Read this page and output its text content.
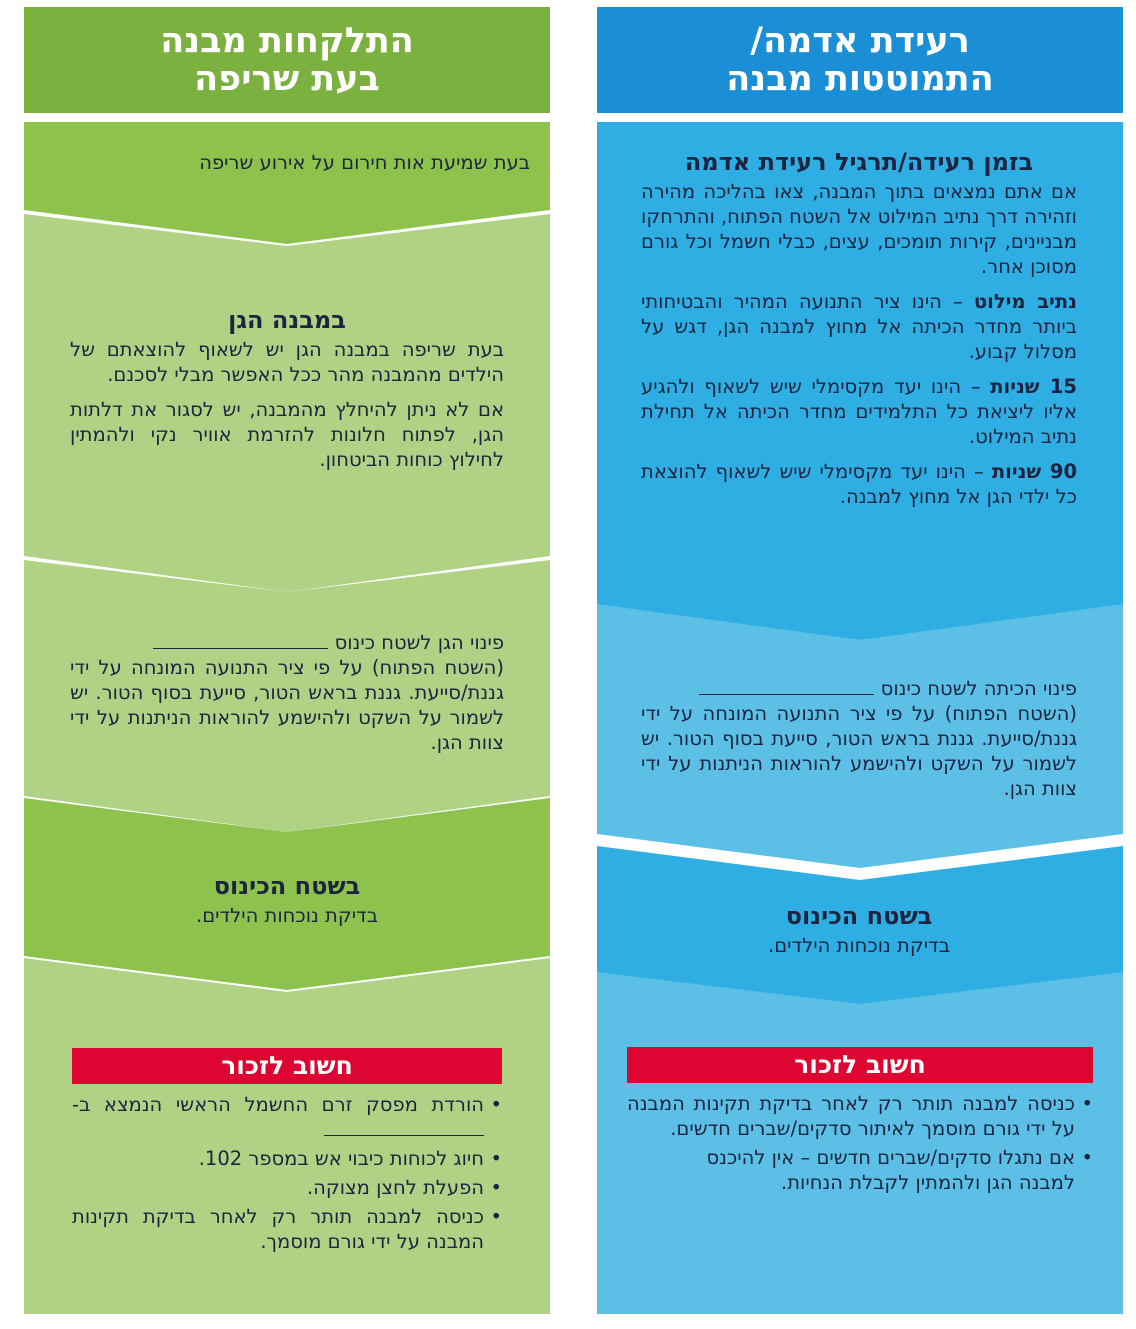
התלקחות מבנה
בעת שריפה
בעת שמיעת אות חירום על אירוע שריפה
במבנה הגן

בעת שריפה במבנה הגן יש לשאוף להוצאתם של הילדים מהמבנה מהר ככל האפשר מבלי לסכנם.

אם לא ניתן להיחלץ מהמבנה, יש לסגור את דלתות הגן, לפתוח חלונות להזרמת אוויר נקי ולהמתין לחילוץ כוחות הביטחון.

פינוי הגן לשטח כינוס
(השטח הפתוח) על פי ציר התנועה המונחה על ידי גננת/סייעת. גננת בראש הטור, סייעת בסוף הטור. יש לשמור על השקט ולהישמע להוראות הניתנות על ידי צוות הגן.
בשטח הכינוס
בדיקת נוכחות הילדים.
חשוב לזכור
• הורדת מפסק זרם החשמל הראשי הנמצא ב-
• חיוג לכוחות כיבוי אש במספר 102.
• הפעלת לחצן מצוקה.
• כניסה למבנה תותר רק לאחר בדיקת תקינות המבנה על ידי גורם מוסמך.
רעידת אדמה/
התמוטטות מבנה
בזמן רעידה/תרגיל רעידת אדמה

אם אתם נמצאים בתוך המבנה, צאו בהליכה מהירה וזהירה דרך נתיב המילוט אל השטח הפתוח, והתרחקו מבניינים, קירות תומכים, עצים, כבלי חשמל וכל גורם מסוכן אחר.

נתיב מילוט – הינו ציר התנועה המהיר והבטיחותי ביותר מחדר הכיתה אל מחוץ למבנה הגן, דגש על מסלול קבוע.

15 שניות – הינו יעד מקסימלי שיש לשאוף ולהגיע אליו ליציאת כל התלמידים מחדר הכיתה אל תחילת נתיב המילוט.

90 שניות – הינו יעד מקסימלי שיש לשאוף להוצאת כל ילדי הגן אל מחוץ למבנה.

פינוי הכיתה לשטח כינוס
(השטח הפתוח) על פי ציר התנועה המונחה על ידי גננת/סייעת. גננת בראש הטור, סייעת בסוף הטור. יש לשמור על השקט ולהישמע להוראות הניתנות על ידי צוות הגן.
בשטח הכינוס
בדיקת נוכחות הילדים.
חשוב לזכור
• כניסה למבנה תותר רק לאחר בדיקת תקינות המבנה על ידי גורם מוסמך לאיתור סדקים/שברים חדשים.
• אם נתגלו סדקים/שברים חדשים – אין להיכנס למבנה הגן ולהמתין לקבלת הנחיות.
